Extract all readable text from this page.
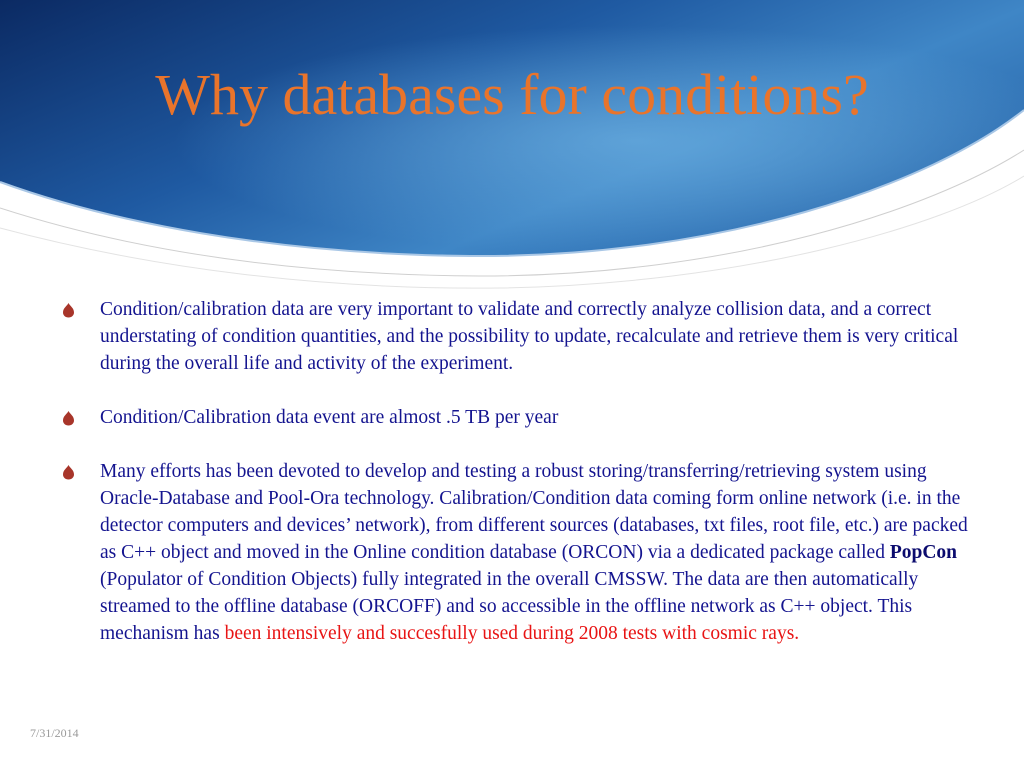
Why databases for conditions?
Condition/calibration data are very important to validate and correctly analyze collision data, and a correct understating of condition quantities, and the possibility to update, recalculate and retrieve them is very critical during the overall life and activity of the experiment.
Condition/Calibration data event are almost .5 TB per year
Many efforts has been devoted to develop and testing a robust storing/transferring/retrieving system using Oracle-Database and Pool-Ora technology. Calibration/Condition data coming form online network (i.e. in the detector computers and devices’ network), from different sources (databases, txt files, root file, etc.) are packed as C++ object and moved in the Online condition database (ORCON) via a dedicated package called PopCon (Populator of Condition Objects) fully integrated in the overall CMSSW. The data are then automatically streamed to the offline database (ORCOFF) and so accessible in the offline network as C++ object. This mechanism has been intensively and succesfully used during 2008 tests with cosmic rays.
7/31/2014
